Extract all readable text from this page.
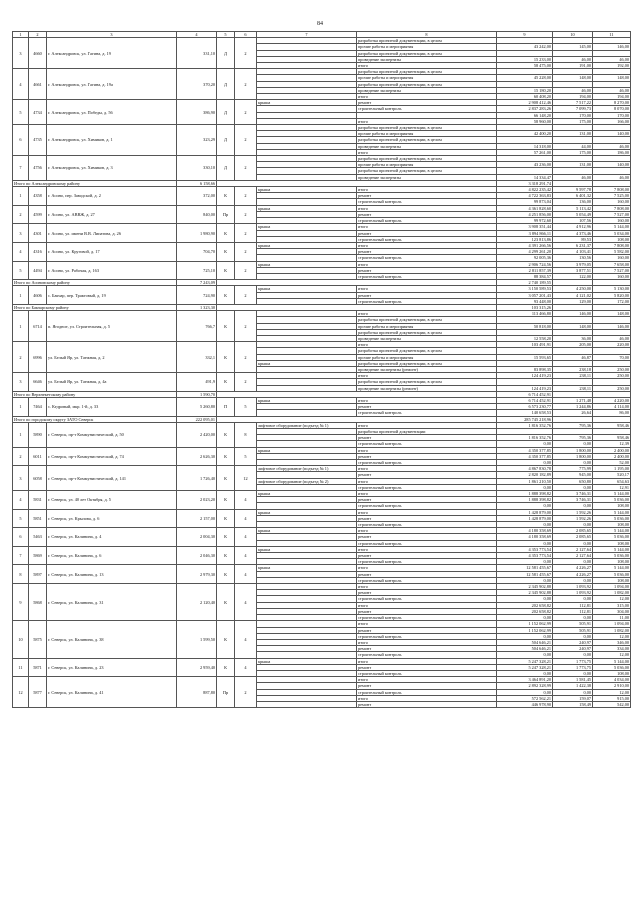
84
1	2	3	4	5	6	7	8	9	10	11
3	4660	г. Александровск, ул. Гагина, д. 19	331,10	Д	2		разработка проектной документации, в целом			
							прочие работы и мероприятия	43 242,00	145,00	146,00
							разработка проектной документации, в целом			
							проведение экспертизы	15 233,00	46,00	46,00
							итого	58 475,00	191,00	192,00
4	4661	г. Александровск, ул. Гагина, д. 19а	370,20	Д	2		разработка проектной документации, в целом			
							прочие работы и мероприятия	45 228,00	148,00	148,00
							разработка проектной документации, в целом			
							проведение экспертизы	15 180,20	46,00	46,00
							итого	60 408,20	194,00	194,00
5	4734	г. Александровск, ул. Победы, д. 56	386,90	Д	2	крыша	ремонт	2 908 412,46	7 517,22	8 270,00
							строительный контроль	2 837 283,26	7 099,73	8 070,00
								66 148,20	170,00	170,00
							итого	58 960,00	175,00	166,00
6	4735	г. Александровск, ул. Химиков, д. 1	323,29	Д	2		разработка проектной документации, в целом			
							прочие работы и мероприятия	42 400,20	131,00	140,00
							разработка проектной документации, в целом			
							проведение экспертизы	14 318,00	44,00	46,00
							итого	57 261,00	175,00	186,00
7	4756	г. Александровск, ул. Химиков, д. 3	330,10	Д	2		разработка проектной документации, в целом			
							прочие работы и мероприятия	43 236,00	131,00	140,00
							разработка проектной документации, в целом			
							проведение экспертизы	14 334,47	46,00	46,00
Итого по Александровскому району			6 158,66					3 318 291,74		
1	4358	г. Асино, пер. Заводской, д. 2	372,00	К	2	крыша	итого	4 822 235,42	9 597,78	7 808,00
							ремонт	4 722 363,83	6 401,32	7 525,00
							строительный контроль	99 873,04	136,00	160,00
2	4599	г. Асино, ул. АВВЖ, д. 27	840,00	Пр	2	крыша	итого	4 361 828,60	5 113,42	7 808,00
							ремонт	4 251 856,00	5 054,49	7 527,00
							строительный контроль	99 972,60	107,56	160,00
3	4301	г. Асино, ул. имени В.В. Липатова, д. 26	1 980,90	К	2	крыша	итого	3 908 351,44	4 912,96	5 144,00
							ремонт	3 894 866,11	4 373,46	5 034,00
							строительный контроль	123 813,86	89,53	108,00
4	4316	г. Асино, ул. Круговой, д. 17	704,70	К	2	крыша	итого	4 391 266,56	6 231,37	7 808,00
							ремонт	4 299 261,20	4 103,41	5 582,00
							строительный контроль	92 005,36	130,56	160,00
5	4494	г. Асино, ул. Рабочая, д. 163	725,10	К	2	крыша	итого	2 906 724,56	3 979,05	7 658,00
							ремонт	2 811 857,39	3 877,51	7 527,00
							строительный контроль	88 384,57	122,00	160,00
Итого по Асиновскому району			7 243,09					2 740 189,55		
1	4606	с. Бакчар, пер. Трактовый, д. 19	724,90	К	2	крыша	итого	3 150 589,53	4 250,00	5 130,00
							ремонт	3 057 201,43	4 121,02	5 820,00
							строительный контроль	93 448,00	129,00	172,00
Итого по Бакчарскому району			1 323,30					103 315,26		
1	6714	п. Ягодное, ул. Строительная, д. 5	766,7	К	2		итого	113 466,80	146,00	148,00
							разработка проектной документации, в целом			
							прочие работы и мероприятия	50 818,00	148,00	146,00
							разработка проектной документации, в целом			
							проведение экспертизы	12 558,20	36,00	46,00
2	6996	ул. Белый Яр, ул. Таежная, д. 2	332,1	К	2		итого	103 491,91	205,00	220,00
							разработка проектной документации, в целом			
							прочие работы и мероприятия	15 593,65	46,87	70,00
						крыша	разработка проектной документации, в целом			
							проведение экспертизы (ремонт)	83 898,35	238,18	250,00
3	6646	ул. Белый Яр, ул. Таежная, д. 4а	491,9	К	2		итого	124 419,23	238,11	250,00
							разработка проектной документации, в целом			
							проведение экспертизы (ремонт)	124 419,23	238,11	250,00
Итого по Верхнекетскому району			1 590,70					6 714 452,91		
1	7464	с. Кедровый, мкр. 1-й, д. 33	5 260,80	П	5	крыша	итого	6 714 452,91	1 271,48	4 220,00
							ремонт	6 573 230,77	1 244,86	4 114,00
							строительный контроль	140 658,53	26,64	86,00
Итого по городскому округу ЗАТО Северск			222 095,01					285 745 218,96		
1	5890	г. Северск, пр-т Коммунистический, д. 50	2 420,00	К	8	лифтовое оборудование (подъезд № 1)	итого	1 816 352,76	795,36	958,46
							разработка проектной документации			
							ремонт	1 816 352,76	795,36	958,46
							строительный контроль	0,00	0,00	12,39
2	6011	г. Северск, пр-т Коммунистический, д. 74	2 626,30	К	5	крыша	итого	4 350 377,85	1 800,00	2 400,00
							ремонт	4 350 377,85	1 800,00	2 400,00
							строительный контроль	0,00	0,00	52,00
3	6058	г. Северск, пр-т Коммунистический, д. 141	1 726,40	К	12	лифтовое оборудование (подъезд № 1)	итого	4 867 830,78	775,99	1 195,00
							ремонт	2 820 182,89	945,00	520,17
						лифтовое оборудование (подъезд № 2)	итого	1 861 210,50	650,80	654,63
							строительный контроль	0,00	0,00	12,91
4	5831	г. Северск, ул. 40 лет Октября, д. 5	2 023,20	К	4	крыша	итого	1 888 398,82	3 746,31	5 144,00
							ремонт	1 888 398,82	3 746,31	5 036,00
							строительный контроль	0,00	0,00	108,00
5	5851	г. Северск, ул. Крылова, д. 6	2 157,00	К	4	крыша	итого	1 428 879,00	1 592,26	5 144,00
							ремонт	1 428 879,00	1 592,26	5 036,00
							строительный контроль	0,00	0,00	108,00
6	5463	г. Северск, ул. Калинина, д. 4	2 004,30	К	4	крыша	итого	4 180 358,69	2 085,65	5 144,00
							ремонт	4 180 358,69	2 085,65	5 036,00
							строительный контроль	0,00	0,00	108,00
7	5869	г. Северск, ул. Калинина, д. 6	2 046,30	К	4	крыша	итого	4 353 773,54	2 127,64	5 144,00
							ремонт	4 353 773,54	2 127,64	5 036,00
							строительный контроль	0,00	0,00	108,00
8	5897	г. Северск, ул. Калинина, д. 13	2 979,30	К	4	крыша	итого	12 581 455,67	4 226,27	5 144,00
							ремонт	12 581 455,67	4 226,27	5 036,00
							строительный контроль	0,00	0,00	108,00
9	5868	г. Северск, ул. Калинина, д. 31	2 120,40	К	4		итого	2 345 902,88	1 093,92	1 094,00
							ремонт	2 345 902,88	1 093,92	1 082,00
							строительный контроль	0,00	0,00	12,00
							итого	202 658,82	112,81	315,00
							ремонт	202 658,82	112,81	304,00
							строительный контроль	0,00	0,00	11,00
10	5875	г. Северск, ул. Калинина, д. 38	1 599,50	К	4		итого	1 152 062,99	505,91	1 094,00
							ремонт	1 152 062,99	505,91	1 082,00
							строительный контроль	0,00	0,00	12,00
							итого	504 646,21	240,97	346,00
							ремонт	504 646,21	240,97	334,00
							строительный контроль	0,00	0,00	12,00
11	5871	г. Северск, ул. Калинина, д. 23	2 959,40	К	4	крыша	итого	5 247 328,21	1 773,75	5 144,00
							ремонт	5 247 328,21	1 773,75	5 036,00
							строительный контроль	0,00	0,00	108,00
12	5877	г. Северск, ул. Калинина, д. 41	887,80	Пр	2		итого	3 464 891,20	1 581,45	4 034,00
							ремонт	2 892 328,99	1 422,38	2 910,00
							строительный контроль	0,00	0,00	12,00
							итого	572 562,21	159,07	915,00
							ремонт	446 978,90	158,49	542,00
